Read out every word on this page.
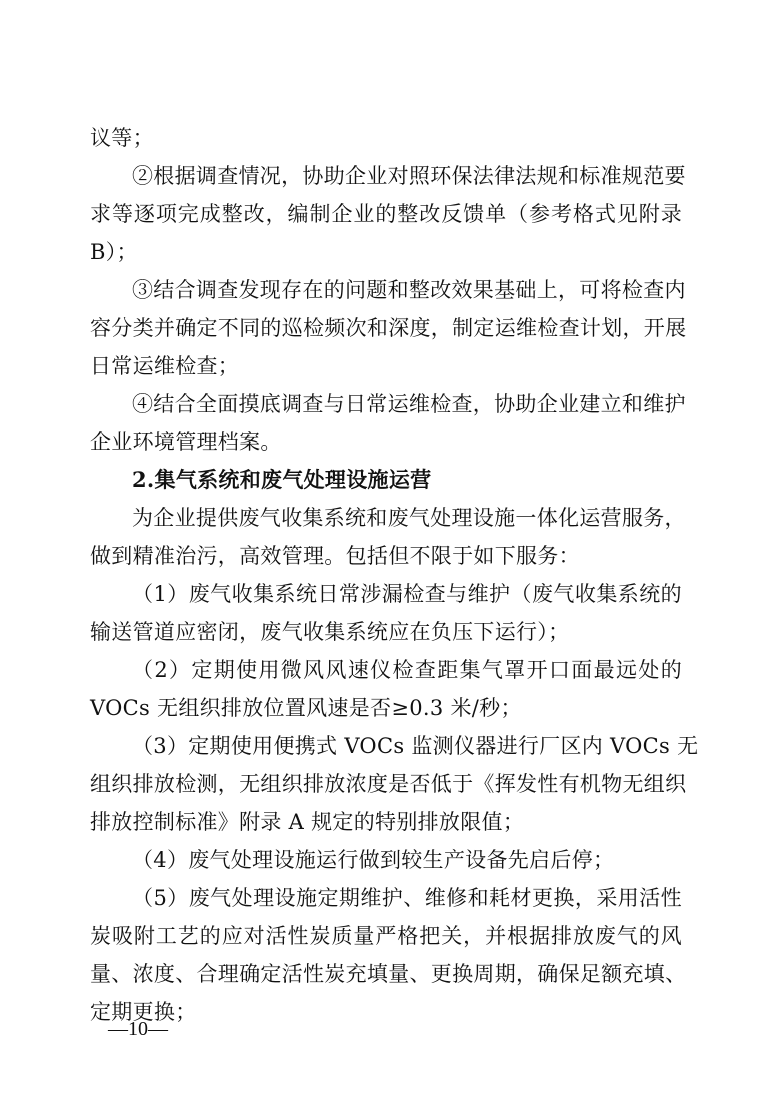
议等；
②根据调查情况，协助企业对照环保法律法规和标准规范要
求等逐项完成整改，编制企业的整改反馈单（参考格式见附录
B）；
③结合调查发现存在的问题和整改效果基础上，可将检查内
容分类并确定不同的巡检频次和深度，制定运维检查计划，开展
日常运维检查；
④结合全面摸底调查与日常运维检查，协助企业建立和维护
企业环境管理档案。
2.集气系统和废气处理设施运营
为企业提供废气收集系统和废气处理设施一体化运营服务，
做到精准治污，高效管理。包括但不限于如下服务：
（1）废气收集系统日常涉漏检查与维护（废气收集系统的
输送管道应密闭，废气收集系统应在负压下运行）；
（2）定期使用微风风速仪检查距集气罩开口面最远处的
VOCs 无组织排放位置风速是否≥0.3 米/秒；
（3）定期使用便携式 VOCs 监测仪器进行厂区内 VOCs 无
组织排放检测，无组织排放浓度是否低于《挥发性有机物无组织
排放控制标准》附录 A 规定的特别排放限值；
（4）废气处理设施运行做到较生产设备先启后停；
（5）废气处理设施定期维护、维修和耗材更换，采用活性
炭吸附工艺的应对活性炭质量严格把关，并根据排放废气的风
量、浓度、合理确定活性炭充填量、更换周期，确保足额充填、
定期更换；
—10—
